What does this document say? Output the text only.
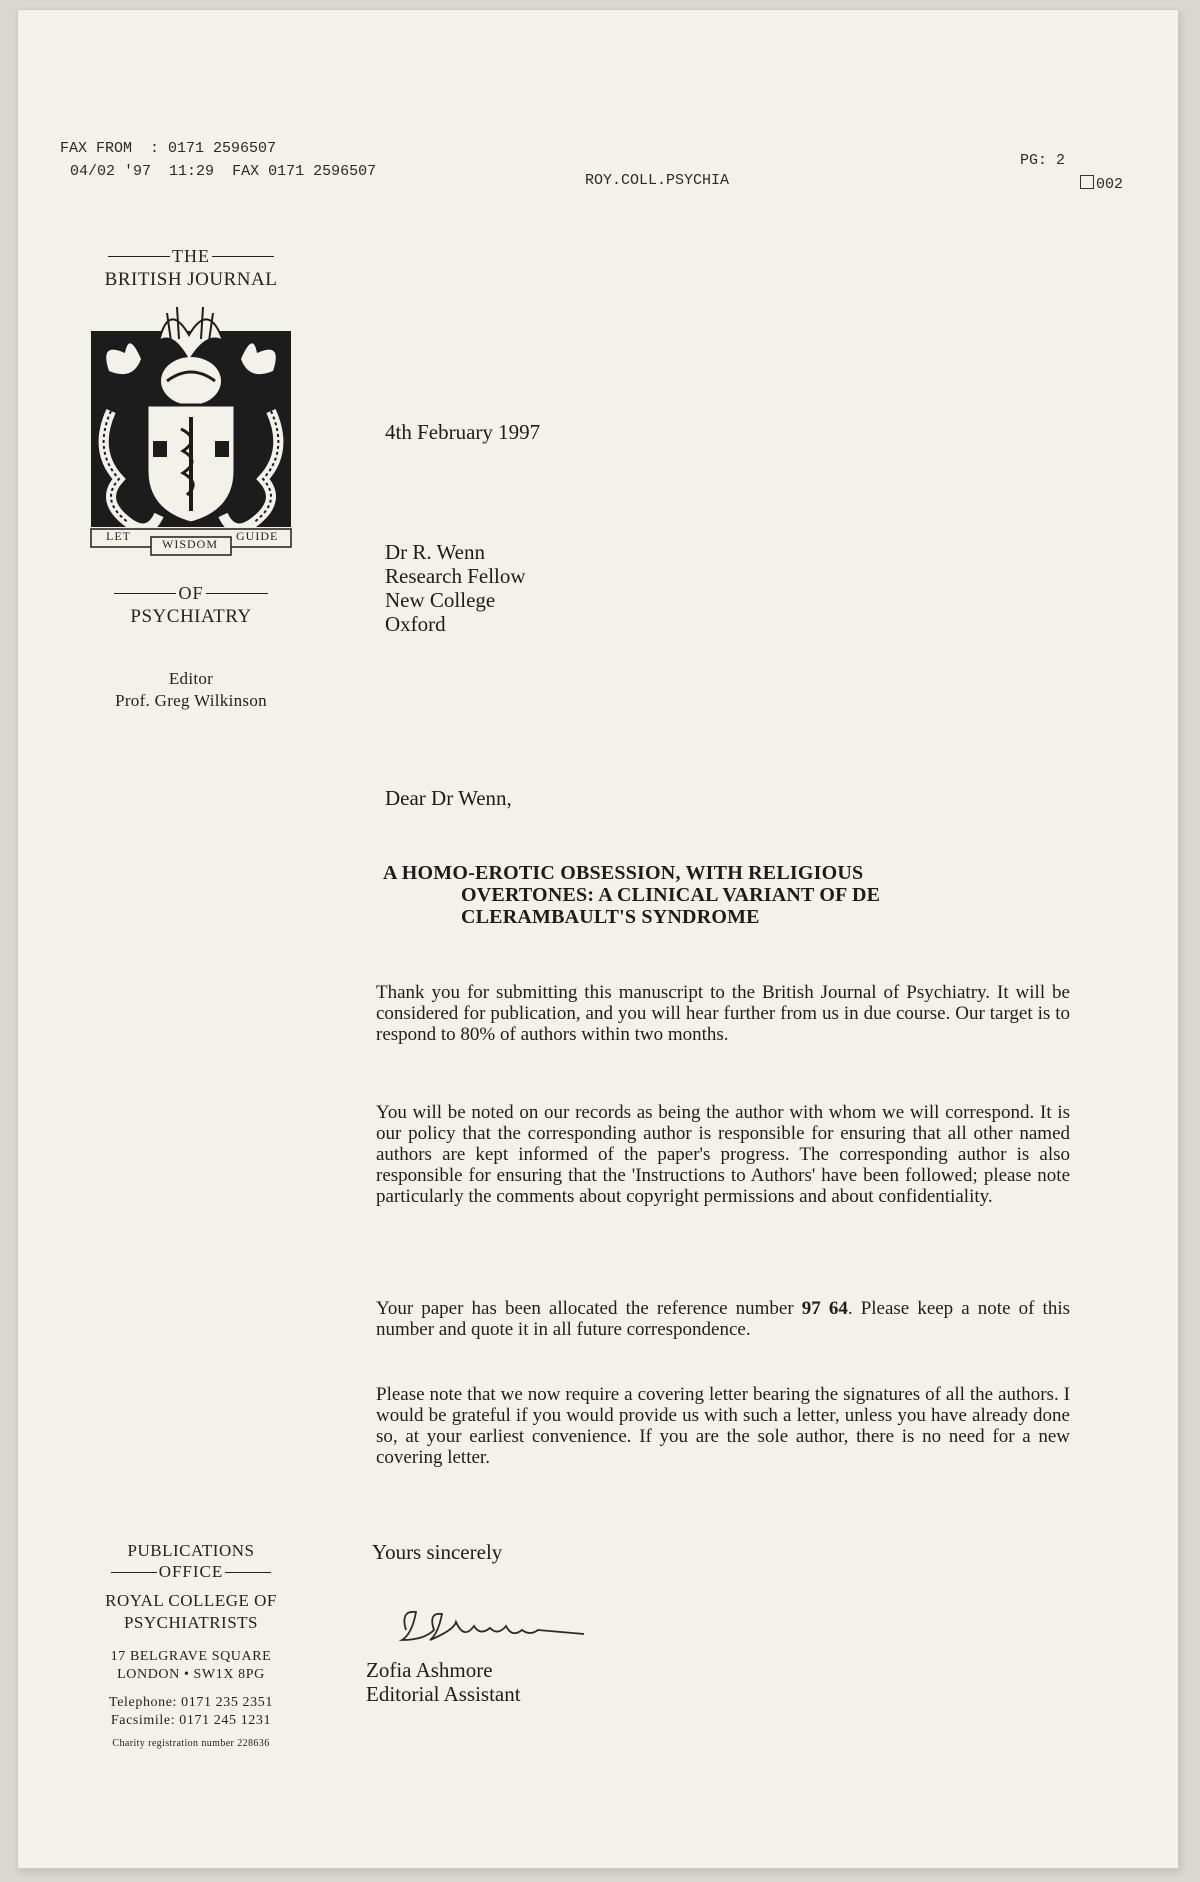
FAX FROM : 0171 2596507
04/02 '97 11:29 FAX 0171 2596507
ROY.COLL.PSYCHIA
PG: 2
002
THE
BRITISH JOURNAL
LET
WISDOM
GUIDE
OF
PSYCHIATRY
Editor
Prof. Greg Wilkinson
PUBLICATIONS
OFFICE
ROYAL COLLEGE OF
PSYCHIATRISTS
17 BELGRAVE SQUARE
LONDON • SW1X 8PG
Telephone: 0171 235 2351
Facsimile: 0171 245 1231
Charity registration number 228636
4th February 1997
Dr R. Wenn
Research Fellow
New College
Oxford
Dear Dr Wenn,
A HOMO-EROTIC OBSESSION, WITH RELIGIOUS
OVERTONES: A CLINICAL VARIANT OF DE
CLERAMBAULT'S SYNDROME
Thank you for submitting this manuscript to the British Journal of Psychiatry. It will be considered for publication, and you will hear further from us in due course. Our target is to respond to 80% of authors within two months.
You will be noted on our records as being the author with whom we will correspond. It is our policy that the corresponding author is responsible for ensuring that all other named authors are kept informed of the paper's progress. The corresponding author is also responsible for ensuring that the 'Instructions to Authors' have been followed; please note particularly the comments about copyright permissions and about confidentiality.
Your paper has been allocated the reference number 97 64. Please keep a note of this number and quote it in all future correspondence.
Please note that we now require a covering letter bearing the signatures of all the authors. I would be grateful if you would provide us with such a letter, unless you have already done so, at your earliest convenience. If you are the sole author, there is no need for a new covering letter.
Yours sincerely
Zofia Ashmore
Editorial Assistant
